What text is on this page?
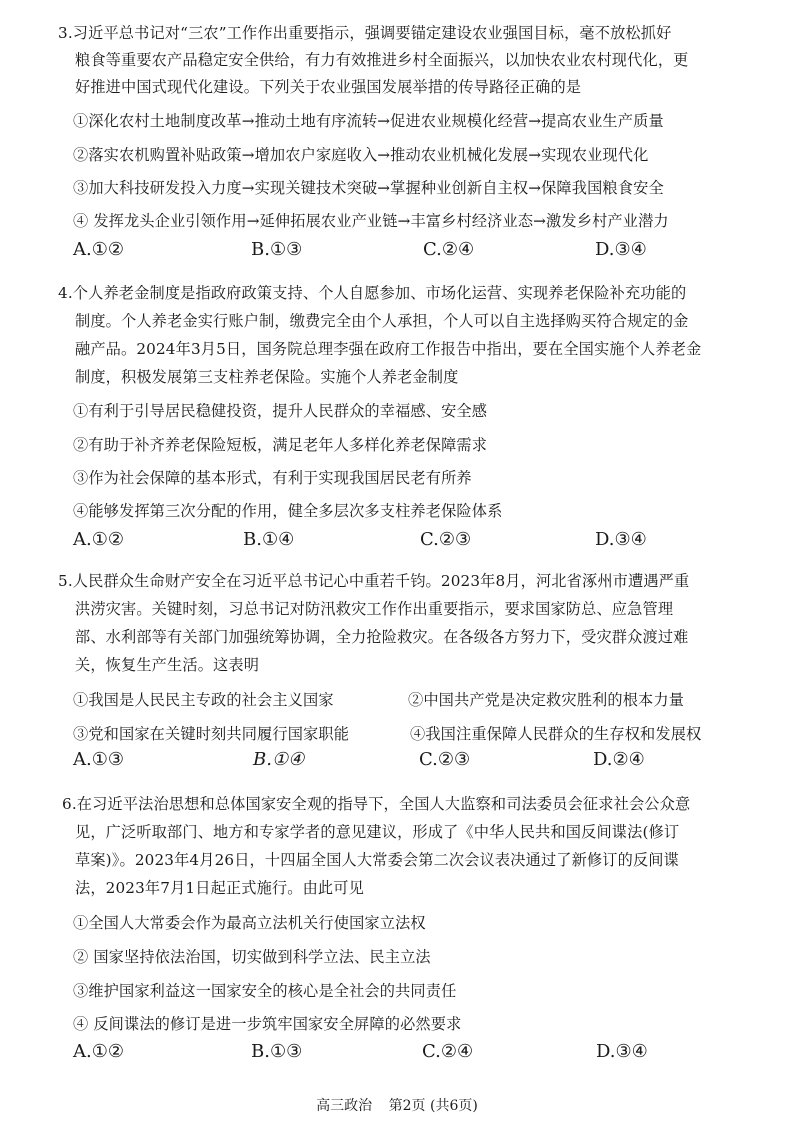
3.习近平总书记对“三农”工作作出重要指示，强调要锚定建设农业强国目标，毫不放松抓好
粮食等重要农产品稳定安全供给，有力有效推进乡村全面振兴，以加快农业农村现代化，更
好推进中国式现代化建设。下列关于农业强国发展举措的传导路径正确的是
①深化农村土地制度改革→推动土地有序流转→促进农业规模化经营→提高农业生产质量
②落实农机购置补贴政策→增加农户家庭收入→推动农业机械化发展→实现农业现代化
③加大科技研发投入力度→实现关键技术突破→掌握种业创新自主权→保障我国粮食安全
④ 发挥龙头企业引领作用→延伸拓展农业产业链→丰富乡村经济业态→激发乡村产业潜力
A.①②	B.①③	C.②④	D.③④
4.个人养老金制度是指政府政策支持、个人自愿参加、市场化运营、实现养老保险补充功能的
制度。个人养老金实行账户制，缴费完全由个人承担，个人可以自主选择购买符合规定的金
融产品。2024年3月5日，国务院总理李强在政府工作报告中指出，要在全国实施个人养老金
制度，积极发展第三支柱养老保险。实施个人养老金制度
①有利于引导居民稳健投资，提升人民群众的幸福感、安全感
②有助于补齐养老保险短板，满足老年人多样化养老保障需求
③作为社会保障的基本形式，有利于实现我国居民老有所养
④能够发挥第三次分配的作用，健全多层次多支柱养老保险体系
A.①②	B.①④	C.②③	D.③④
5.人民群众生命财产安全在习近平总书记心中重若千钧。2023年8月，河北省涿州市遭遇严重
洪涝灾害。关键时刻，习总书记对防汛救灾工作作出重要指示，要求国家防总、应急管理
部、水利部等有关部门加强统筹协调，全力抢险救灾。在各级各方努力下，受灾群众渡过难
关，恢复生产生活。这表明
①我国是人民民主专政的社会主义国家	②中国共产党是决定救灾胜利的根本力量
③党和国家在关键时刻共同履行国家职能	④我国注重保障人民群众的生存权和发展权
A.①③	B.①④	C.②③	D.②④
6.在习近平法治思想和总体国家安全观的指导下，全国人大监察和司法委员会征求社会公众意
见，广泛听取部门、地方和专家学者的意见建议，形成了《中华人民共和国反间谍法(修订
草案)》。2023年4月26日，十四届全国人大常委会第二次会议表决通过了新修订的反间谍
法，2023年7月1日起正式施行。由此可见
①全国人大常委会作为最高立法机关行使国家立法权
② 国家坚持依法治国，切实做到科学立法、民主立法
③维护国家利益这一国家安全的核心是全社会的共同责任
④ 反间谍法的修订是进一步筑牢国家安全屏障的必然要求
A.①②	B.①③	C.②④	D.③④
高三政治 第2页 (共6页)
